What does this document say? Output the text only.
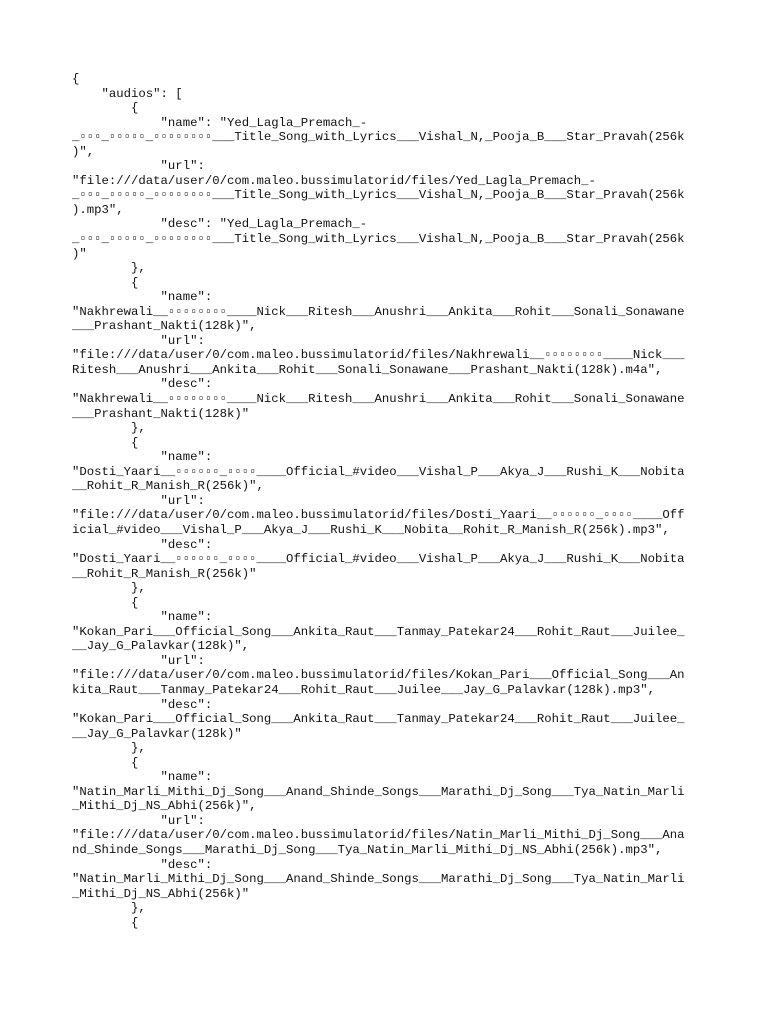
{
"audios": [
{
"name": "Yed_Lagla_Premach_-
_▫▫▫_▫▫▫▫▫_▫▫▫▫▫▫▫▫___Title_Song_with_Lyrics___Vishal_N,_Pooja_B___Star_Pravah(256k
)",
"url":
"file:///data/user/0/com.maleo.bussimulatorid/files/Yed_Lagla_Premach_-
_▫▫▫_▫▫▫▫▫_▫▫▫▫▫▫▫▫___Title_Song_with_Lyrics___Vishal_N,_Pooja_B___Star_Pravah(256k
).mp3",
"desc": "Yed_Lagla_Premach_-
_▫▫▫_▫▫▫▫▫_▫▫▫▫▫▫▫▫___Title_Song_with_Lyrics___Vishal_N,_Pooja_B___Star_Pravah(256k
)"
},
{
"name":
"Nakhrewali__▫▫▫▫▫▫▫▫____Nick___Ritesh___Anushri___Ankita___Rohit___Sonali_Sonawane
___Prashant_Nakti(128k)",
"url":
"file:///data/user/0/com.maleo.bussimulatorid/files/Nakhrewali__▫▫▫▫▫▫▫▫____Nick___
Ritesh___Anushri___Ankita___Rohit___Sonali_Sonawane___Prashant_Nakti(128k).m4a",
"desc":
"Nakhrewali__▫▫▫▫▫▫▫▫____Nick___Ritesh___Anushri___Ankita___Rohit___Sonali_Sonawane
___Prashant_Nakti(128k)"
},
{
"name":
"Dosti_Yaari__▫▫▫▫▫▫_▫▫▫▫____Official_#video___Vishal_P___Akya_J___Rushi_K___Nobita
__Rohit_R_Manish_R(256k)",
"url":
"file:///data/user/0/com.maleo.bussimulatorid/files/Dosti_Yaari__▫▫▫▫▫▫_▫▫▫▫____Off
icial_#video___Vishal_P___Akya_J___Rushi_K___Nobita__Rohit_R_Manish_R(256k).mp3",
"desc":
"Dosti_Yaari__▫▫▫▫▫▫_▫▫▫▫____Official_#video___Vishal_P___Akya_J___Rushi_K___Nobita
__Rohit_R_Manish_R(256k)"
},
{
"name":
"Kokan_Pari___Official_Song___Ankita_Raut___Tanmay_Patekar24___Rohit_Raut___Juilee_
__Jay_G_Palavkar(128k)",
"url":
"file:///data/user/0/com.maleo.bussimulatorid/files/Kokan_Pari___Official_Song___An
kita_Raut___Tanmay_Patekar24___Rohit_Raut___Juilee___Jay_G_Palavkar(128k).mp3",
"desc":
"Kokan_Pari___Official_Song___Ankita_Raut___Tanmay_Patekar24___Rohit_Raut___Juilee_
__Jay_G_Palavkar(128k)"
},
{
"name":
"Natin_Marli_Mithi_Dj_Song___Anand_Shinde_Songs___Marathi_Dj_Song___Tya_Natin_Marli
_Mithi_Dj_NS_Abhi(256k)",
"url":
"file:///data/user/0/com.maleo.bussimulatorid/files/Natin_Marli_Mithi_Dj_Song___Ana
nd_Shinde_Songs___Marathi_Dj_Song___Tya_Natin_Marli_Mithi_Dj_NS_Abhi(256k).mp3",
"desc":
"Natin_Marli_Mithi_Dj_Song___Anand_Shinde_Songs___Marathi_Dj_Song___Tya_Natin_Marli
_Mithi_Dj_NS_Abhi(256k)"
},
{
